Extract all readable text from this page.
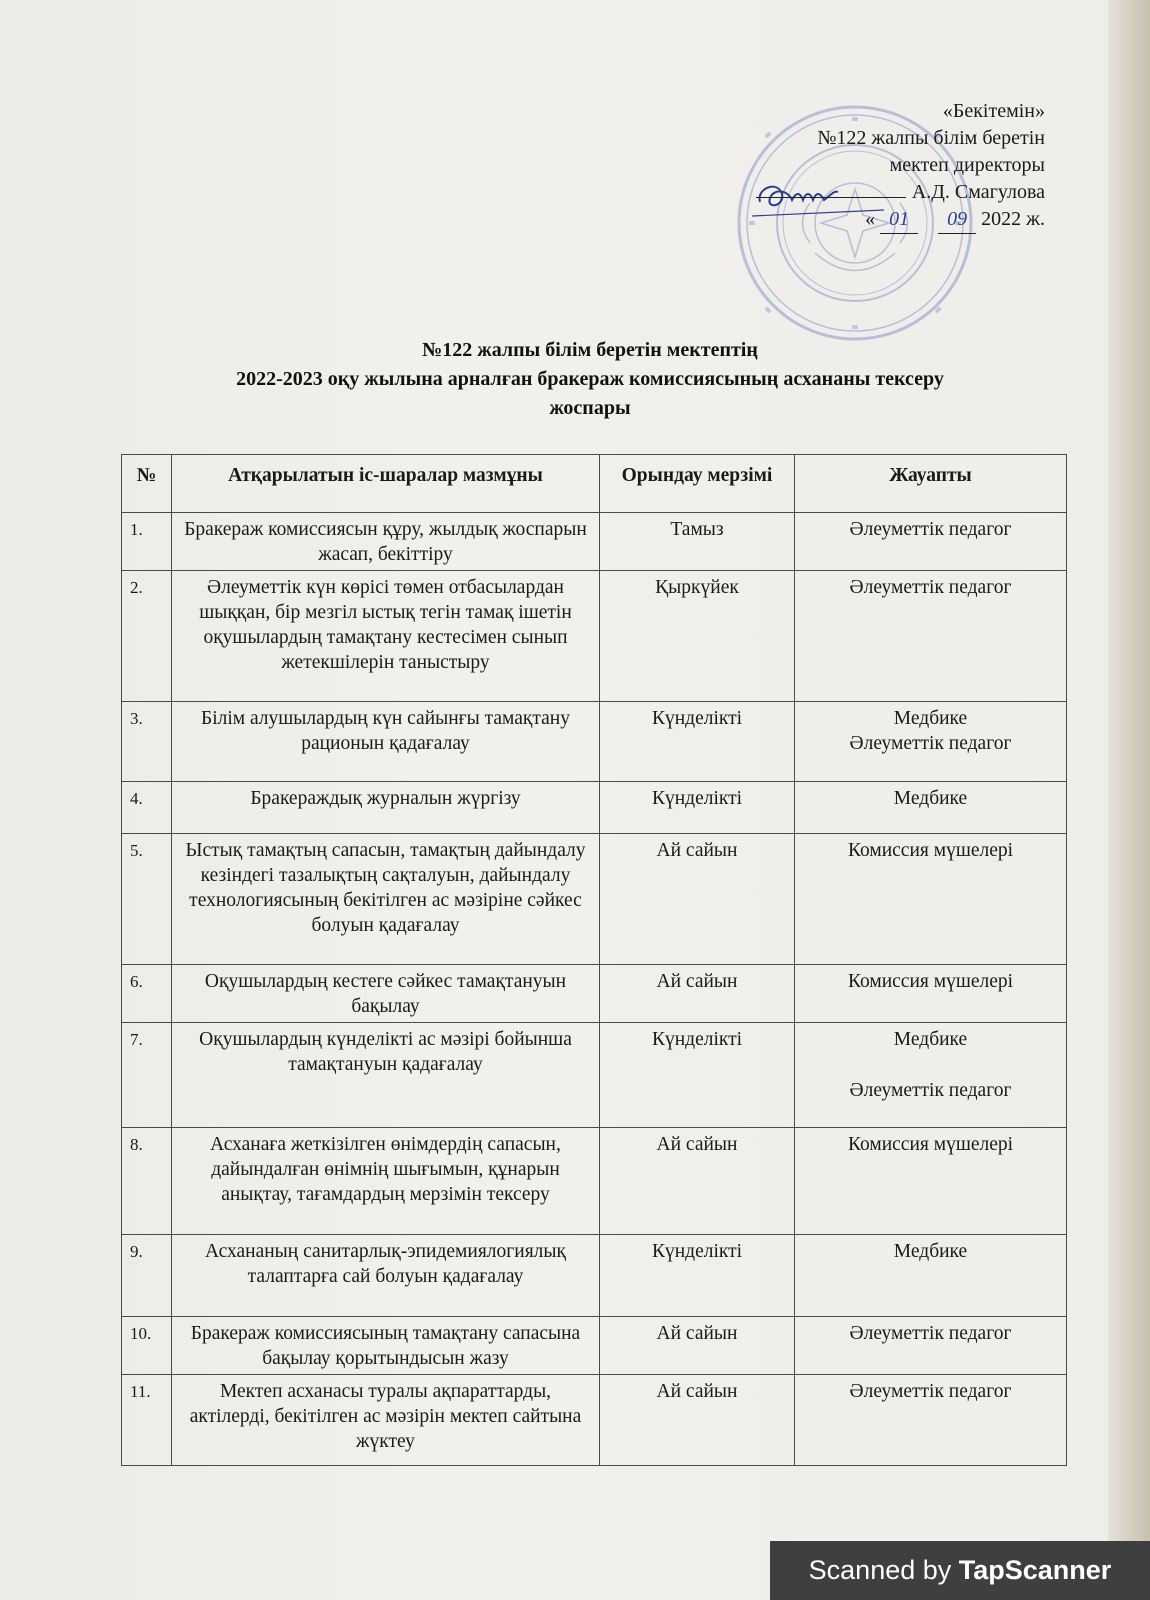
«Бекітемін»
№122 жалпы білім беретін
мектеп директоры
А.Д. Смагулова
« 01 09 2022 ж.
№122 жалпы білім беретін мектептің
2022-2023 оқу жылына арналған бракераж комиссиясының асхананы тексеру
жоспары
№	Атқарылатын іс-шаралар мазмұны	Орындау мерзімі	Жауапты
1.	Бракераж комиссиясын құру, жылдық жоспарын жасап, бекіттіру	Тамыз	Әлеуметтік педагог
2.	Әлеуметтік күн көрісі төмен отбасылардан шыққан, бір мезгіл ыстық тегін тамақ ішетін оқушылардың тамақтану кестесімен сынып жетекшілерін таныстыру	Қыркүйек	Әлеуметтік педагог
3.	Білім алушылардың күн сайынғы тамақтану рационын қадағалау	Күнделікті	Медбике
Әлеуметтік педагог

4.	Бракераждық журналын жүргізу	Күнделікті	Медбике
5.	Ыстық тамақтың сапасын, тамақтың дайындалу кезіндегі тазалықтың сақталуын, дайындалу технологиясының бекітілген ас мәзіріне сәйкес болуын қадағалау	Ай сайын	Комиссия мүшелері
6.	Оқушылардың кестеге сәйкес тамақтануын бақылау	Ай сайын	Комиссия мүшелері
7.	Оқушылардың күнделікті ас мәзірі бойынша тамақтануын қадағалау	Күнделікті	Медбике
Әлеуметтік педагог

8.	Асханаға жеткізілген өнімдердің сапасын, дайындалған өнімнің шығымын, құнарын анықтау, тағамдардың мерзімін тексеру	Ай сайын	Комиссия мүшелері
9.	Асхананың санитарлық-эпидемиялогиялық талаптарға сай болуын қадағалау	Күнделікті	Медбике
10.	Бракераж комиссиясының тамақтану сапасына бақылау қорытындысын жазу	Ай сайын	Әлеуметтік педагог
11.	Мектеп асханасы туралы ақпараттарды, актілерді, бекітілген ас мәзірін мектеп сайтына жүктеу	Ай сайын	Әлеуметтік педагог
Scanned by TapScanner
